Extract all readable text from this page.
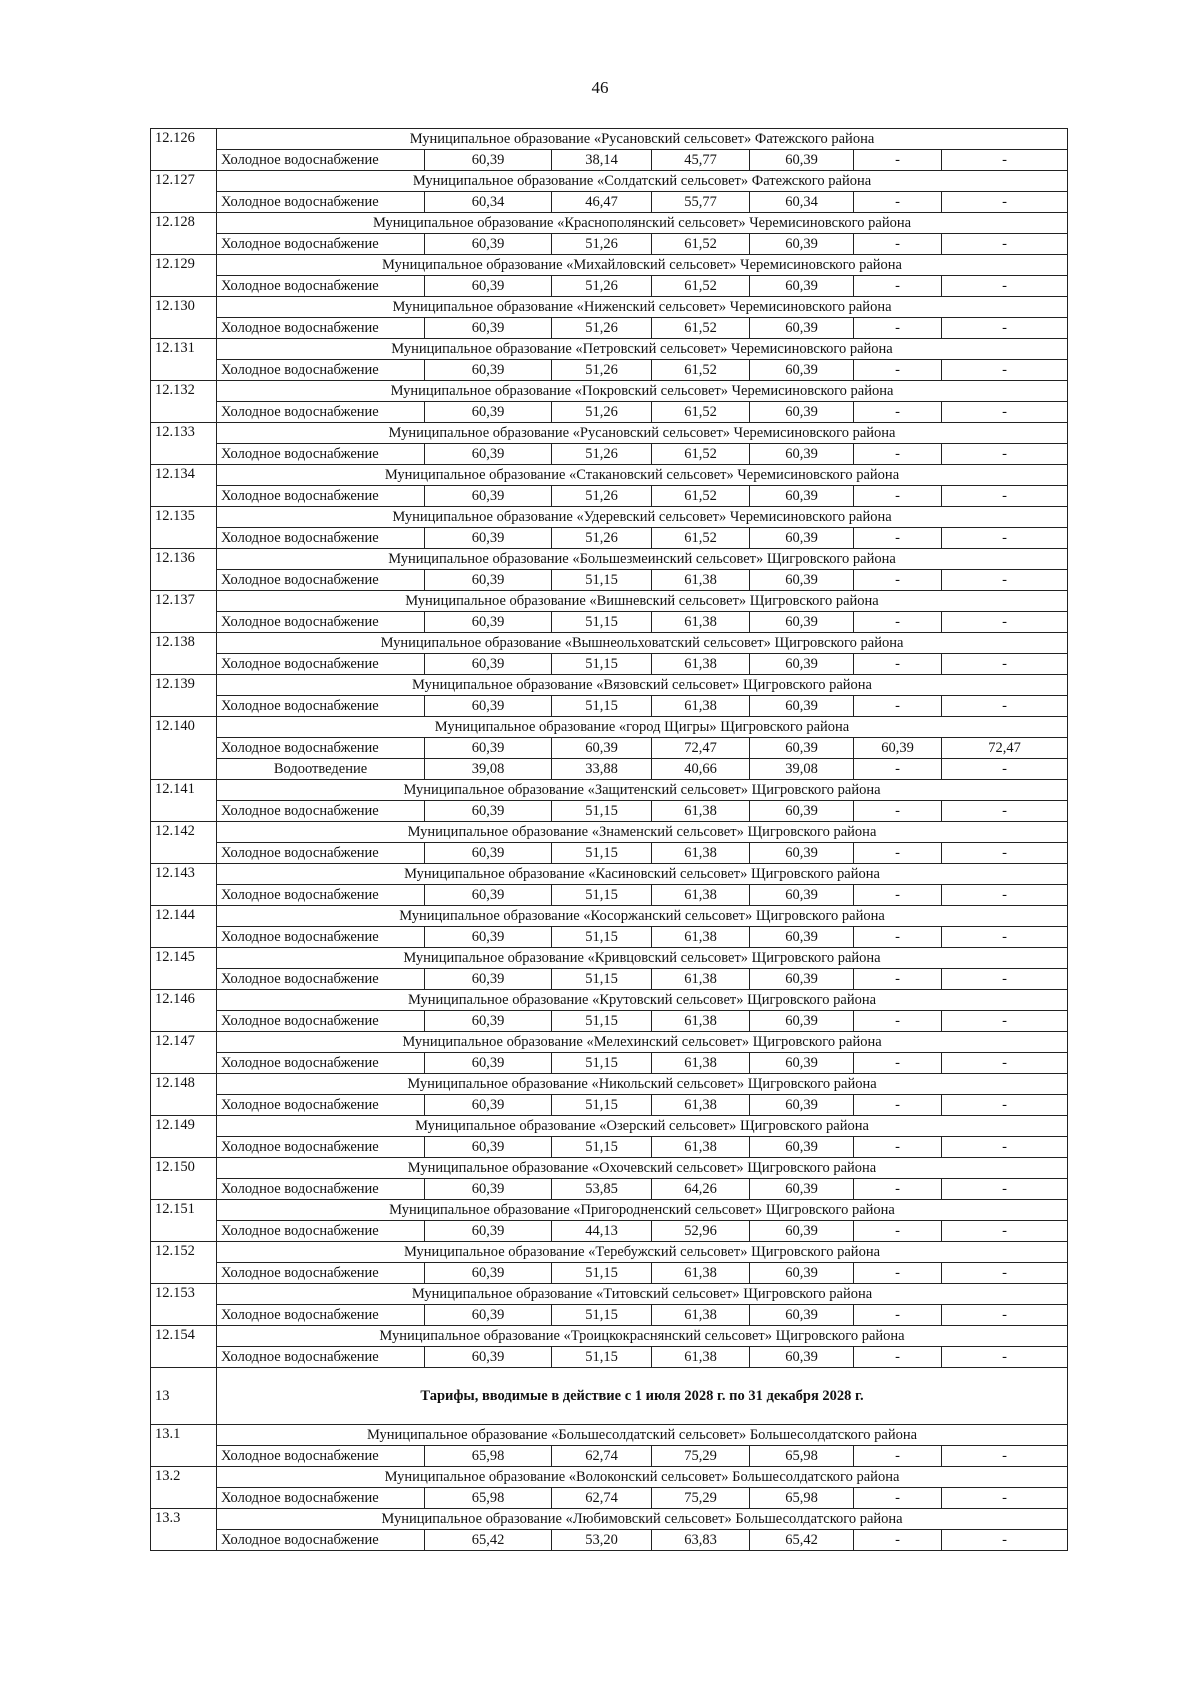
46
12.126	Муниципальное образование «Русановский сельсовет» Фатежского района						
	Холодное водоснабжение	60,39	38,14	45,77	60,39	-	-
12.127	Муниципальное образование «Солдатский сельсовет» Фатежского района						
	Холодное водоснабжение	60,34	46,47	55,77	60,34	-	-
12.128	Муниципальное образование «Краснополянский сельсовет» Черемисиновского района						
	Холодное водоснабжение	60,39	51,26	61,52	60,39	-	-
12.129	Муниципальное образование «Михайловский сельсовет» Черемисиновского района						
	Холодное водоснабжение	60,39	51,26	61,52	60,39	-	-
12.130	Муниципальное образование «Ниженский сельсовет» Черемисиновского района						
	Холодное водоснабжение	60,39	51,26	61,52	60,39	-	-
12.131	Муниципальное образование «Петровский сельсовет» Черемисиновского района						
	Холодное водоснабжение	60,39	51,26	61,52	60,39	-	-
12.132	Муниципальное образование «Покровский сельсовет» Черемисиновского района						
	Холодное водоснабжение	60,39	51,26	61,52	60,39	-	-
12.133	Муниципальное образование «Русановский сельсовет» Черемисиновского района						
	Холодное водоснабжение	60,39	51,26	61,52	60,39	-	-
12.134	Муниципальное образование «Стакановский сельсовет» Черемисиновского района						
	Холодное водоснабжение	60,39	51,26	61,52	60,39	-	-
12.135	Муниципальное образование «Удеревский сельсовет» Черемисиновского района						
	Холодное водоснабжение	60,39	51,26	61,52	60,39	-	-
12.136	Муниципальное образование «Большезмеинский сельсовет» Щигровского района						
	Холодное водоснабжение	60,39	51,15	61,38	60,39	-	-
12.137	Муниципальное образование «Вишневский сельсовет» Щигровского района						
	Холодное водоснабжение	60,39	51,15	61,38	60,39	-	-
12.138	Муниципальное образование «Вышнеольховатский сельсовет» Щигровского района						
	Холодное водоснабжение	60,39	51,15	61,38	60,39	-	-
12.139	Муниципальное образование «Вязовский сельсовет» Щигровского района						
	Холодное водоснабжение	60,39	51,15	61,38	60,39	-	-
12.140	Муниципальное образование «город Щигры» Щигровского района						
	Холодное водоснабжение	60,39	60,39	72,47	60,39	60,39	72,47
	Водоотведение	39,08	33,88	40,66	39,08	-	-
12.141	Муниципальное образование «Защитенский сельсовет» Щигровского района						
	Холодное водоснабжение	60,39	51,15	61,38	60,39	-	-
12.142	Муниципальное образование «Знаменский сельсовет» Щигровского района						
	Холодное водоснабжение	60,39	51,15	61,38	60,39	-	-
12.143	Муниципальное образование «Касиновский сельсовет» Щигровского района						
	Холодное водоснабжение	60,39	51,15	61,38	60,39	-	-
12.144	Муниципальное образование «Косоржанский сельсовет» Щигровского района						
	Холодное водоснабжение	60,39	51,15	61,38	60,39	-	-
12.145	Муниципальное образование «Кривцовский сельсовет» Щигровского района						
	Холодное водоснабжение	60,39	51,15	61,38	60,39	-	-
12.146	Муниципальное образование «Крутовский сельсовет» Щигровского района						
	Холодное водоснабжение	60,39	51,15	61,38	60,39	-	-
12.147	Муниципальное образование «Мелехинский сельсовет» Щигровского района						
	Холодное водоснабжение	60,39	51,15	61,38	60,39	-	-
12.148	Муниципальное образование «Никольский сельсовет» Щигровского района						
	Холодное водоснабжение	60,39	51,15	61,38	60,39	-	-
12.149	Муниципальное образование «Озерский сельсовет» Щигровского района						
	Холодное водоснабжение	60,39	51,15	61,38	60,39	-	-
12.150	Муниципальное образование «Охочевский сельсовет» Щигровского района						
	Холодное водоснабжение	60,39	53,85	64,26	60,39	-	-
12.151	Муниципальное образование «Пригородненский сельсовет» Щигровского района						
	Холодное водоснабжение	60,39	44,13	52,96	60,39	-	-
12.152	Муниципальное образование «Теребужский сельсовет» Щигровского района						
	Холодное водоснабжение	60,39	51,15	61,38	60,39	-	-
12.153	Муниципальное образование «Титовский сельсовет» Щигровского района						
	Холодное водоснабжение	60,39	51,15	61,38	60,39	-	-
12.154	Муниципальное образование «Троицкокраснянский сельсовет» Щигровского района						
	Холодное водоснабжение	60,39	51,15	61,38	60,39	-	-
13	Тарифы, вводимые в действие с 1 июля 2028 г. по 31 декабря 2028 г.						
13.1	Муниципальное образование «Большесолдатский сельсовет» Большесолдатского района						
	Холодное водоснабжение	65,98	62,74	75,29	65,98	-	-
13.2	Муниципальное образование «Волоконский сельсовет» Большесолдатского района						
	Холодное водоснабжение	65,98	62,74	75,29	65,98	-	-
13.3	Муниципальное образование «Любимовский сельсовет» Большесолдатского района						
	Холодное водоснабжение	65,42	53,20	63,83	65,42	-	-
